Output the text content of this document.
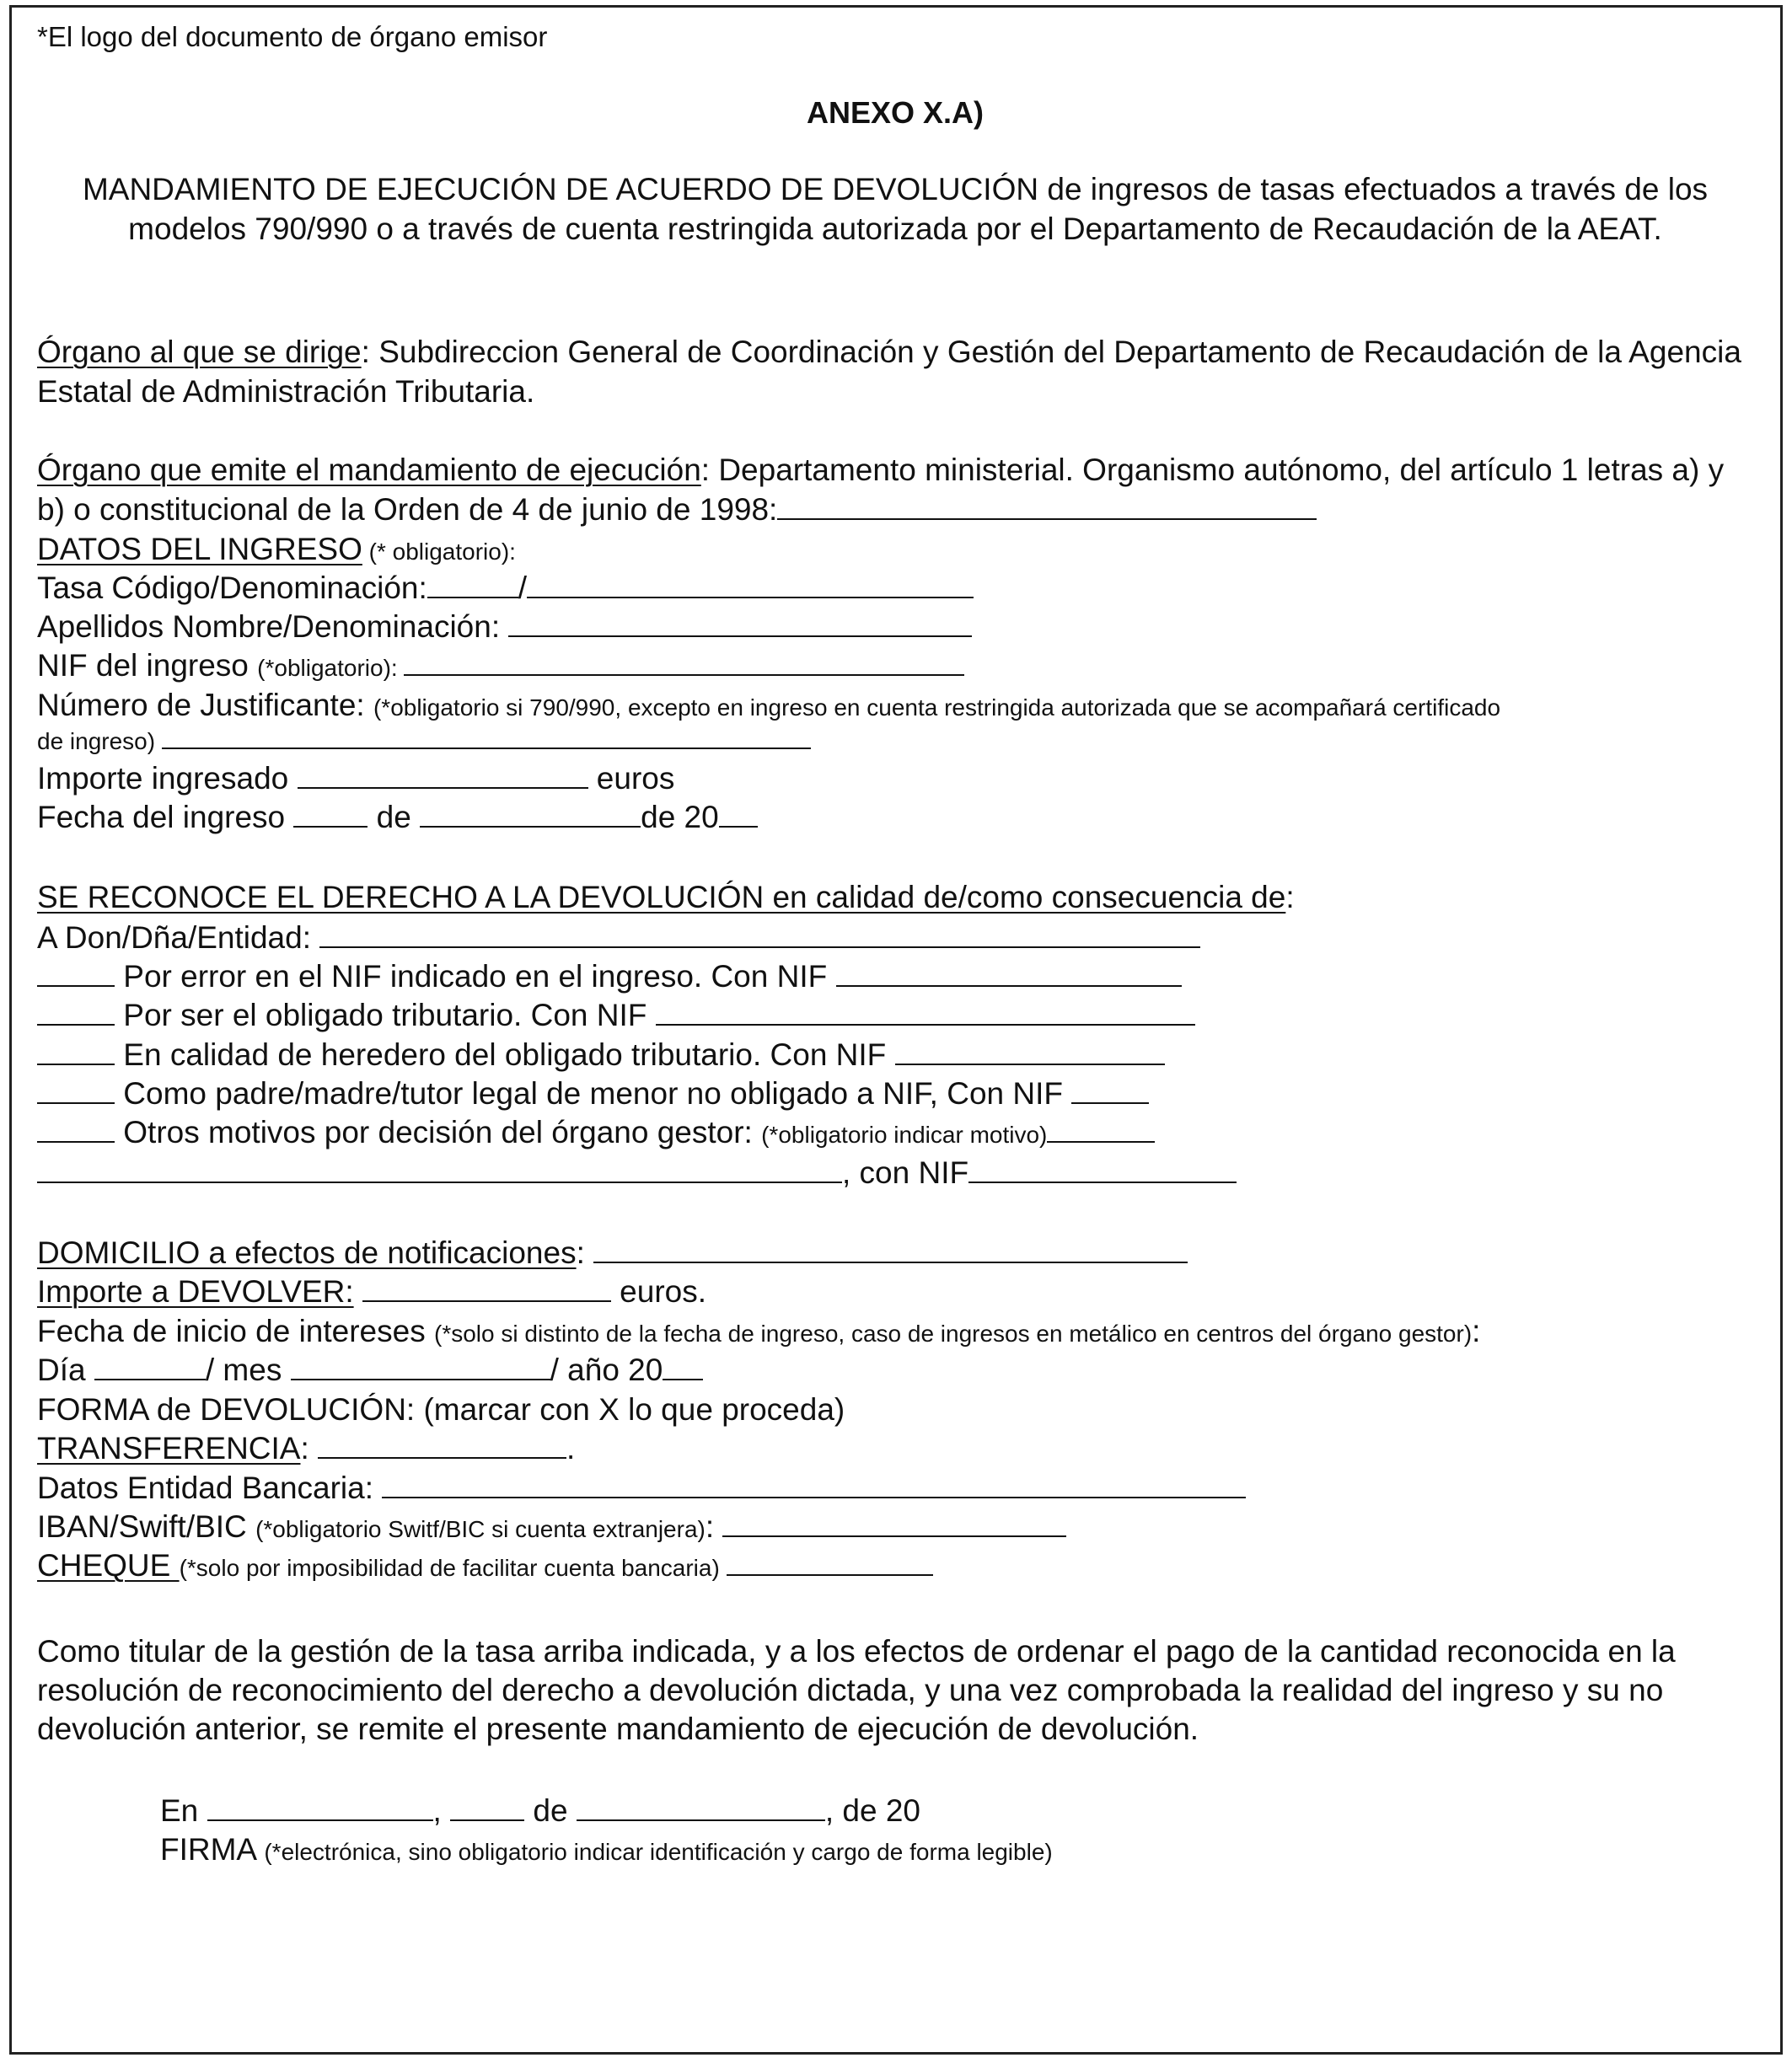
*El logo del documento de órgano emisor
ANEXO X.A)
MANDAMIENTO DE EJECUCIÓN DE ACUERDO DE DEVOLUCIÓN de ingresos de tasas efectuados a través de los modelos 790/990 o a través de cuenta restringida autorizada por el Departamento de Recaudación de la AEAT.
Órgano al que se dirige: Subdireccion General de Coordinación y Gestión del Departamento de Recaudación de la Agencia Estatal de Administración Tributaria.
Órgano que emite el mandamiento de ejecución: Departamento ministerial. Organismo autónomo, del artículo 1 letras a) y b) o constitucional de la Orden de 4 de junio de 1998:
DATOS DEL INGRESO (* obligatorio):
Tasa Código/Denominación:	/
Apellidos Nombre/Denominación:
NIF del ingreso (*obligatorio):
Número de Justificante: (*obligatorio si 790/990, excepto en ingreso en cuenta restringida autorizada que se acompañará certificado
de ingreso)
Importe ingresado	euros
Fecha del ingreso  de	de 20
SE RECONOCE EL DERECHO A LA DEVOLUCIÓN en calidad de/como consecuencia de:
A Don/Dña/Entidad:
Por error en el NIF indicado en el ingreso. Con NIF
Por ser el obligado tributario. Con NIF
En calidad de heredero del obligado tributario. Con NIF
Como padre/madre/tutor legal de menor no obligado a NIF, Con NIF
Otros motivos por decisión del órgano gestor: (*obligatorio indicar motivo)
, con NIF
DOMICILIO a efectos de notificaciones:
Importe a DEVOLVER:	euros.
Fecha de inicio de intereses (*solo si distinto de la fecha de ingreso, caso de ingresos en metálico en centros del órgano gestor):
Día	/ mes	/ año 20
FORMA de DEVOLUCIÓN: (marcar con X lo que proceda)
TRANSFERENCIA:	.
Datos Entidad Bancaria:
IBAN/Swift/BIC (*obligatorio Switf/BIC si cuenta extranjera):
CHEQUE (*solo por imposibilidad de facilitar cuenta bancaria)
Como titular de la gestión de la tasa arriba indicada, y a los efectos de ordenar el pago de la cantidad reconocida en la resolución de reconocimiento del derecho a devolución dictada, y una vez comprobada la realidad del ingreso y su no devolución anterior, se remite el presente mandamiento de ejecución de devolución.
En	,  de	, de 20
FIRMA (*electrónica, sino obligatorio indicar identificación y cargo de forma legible)
